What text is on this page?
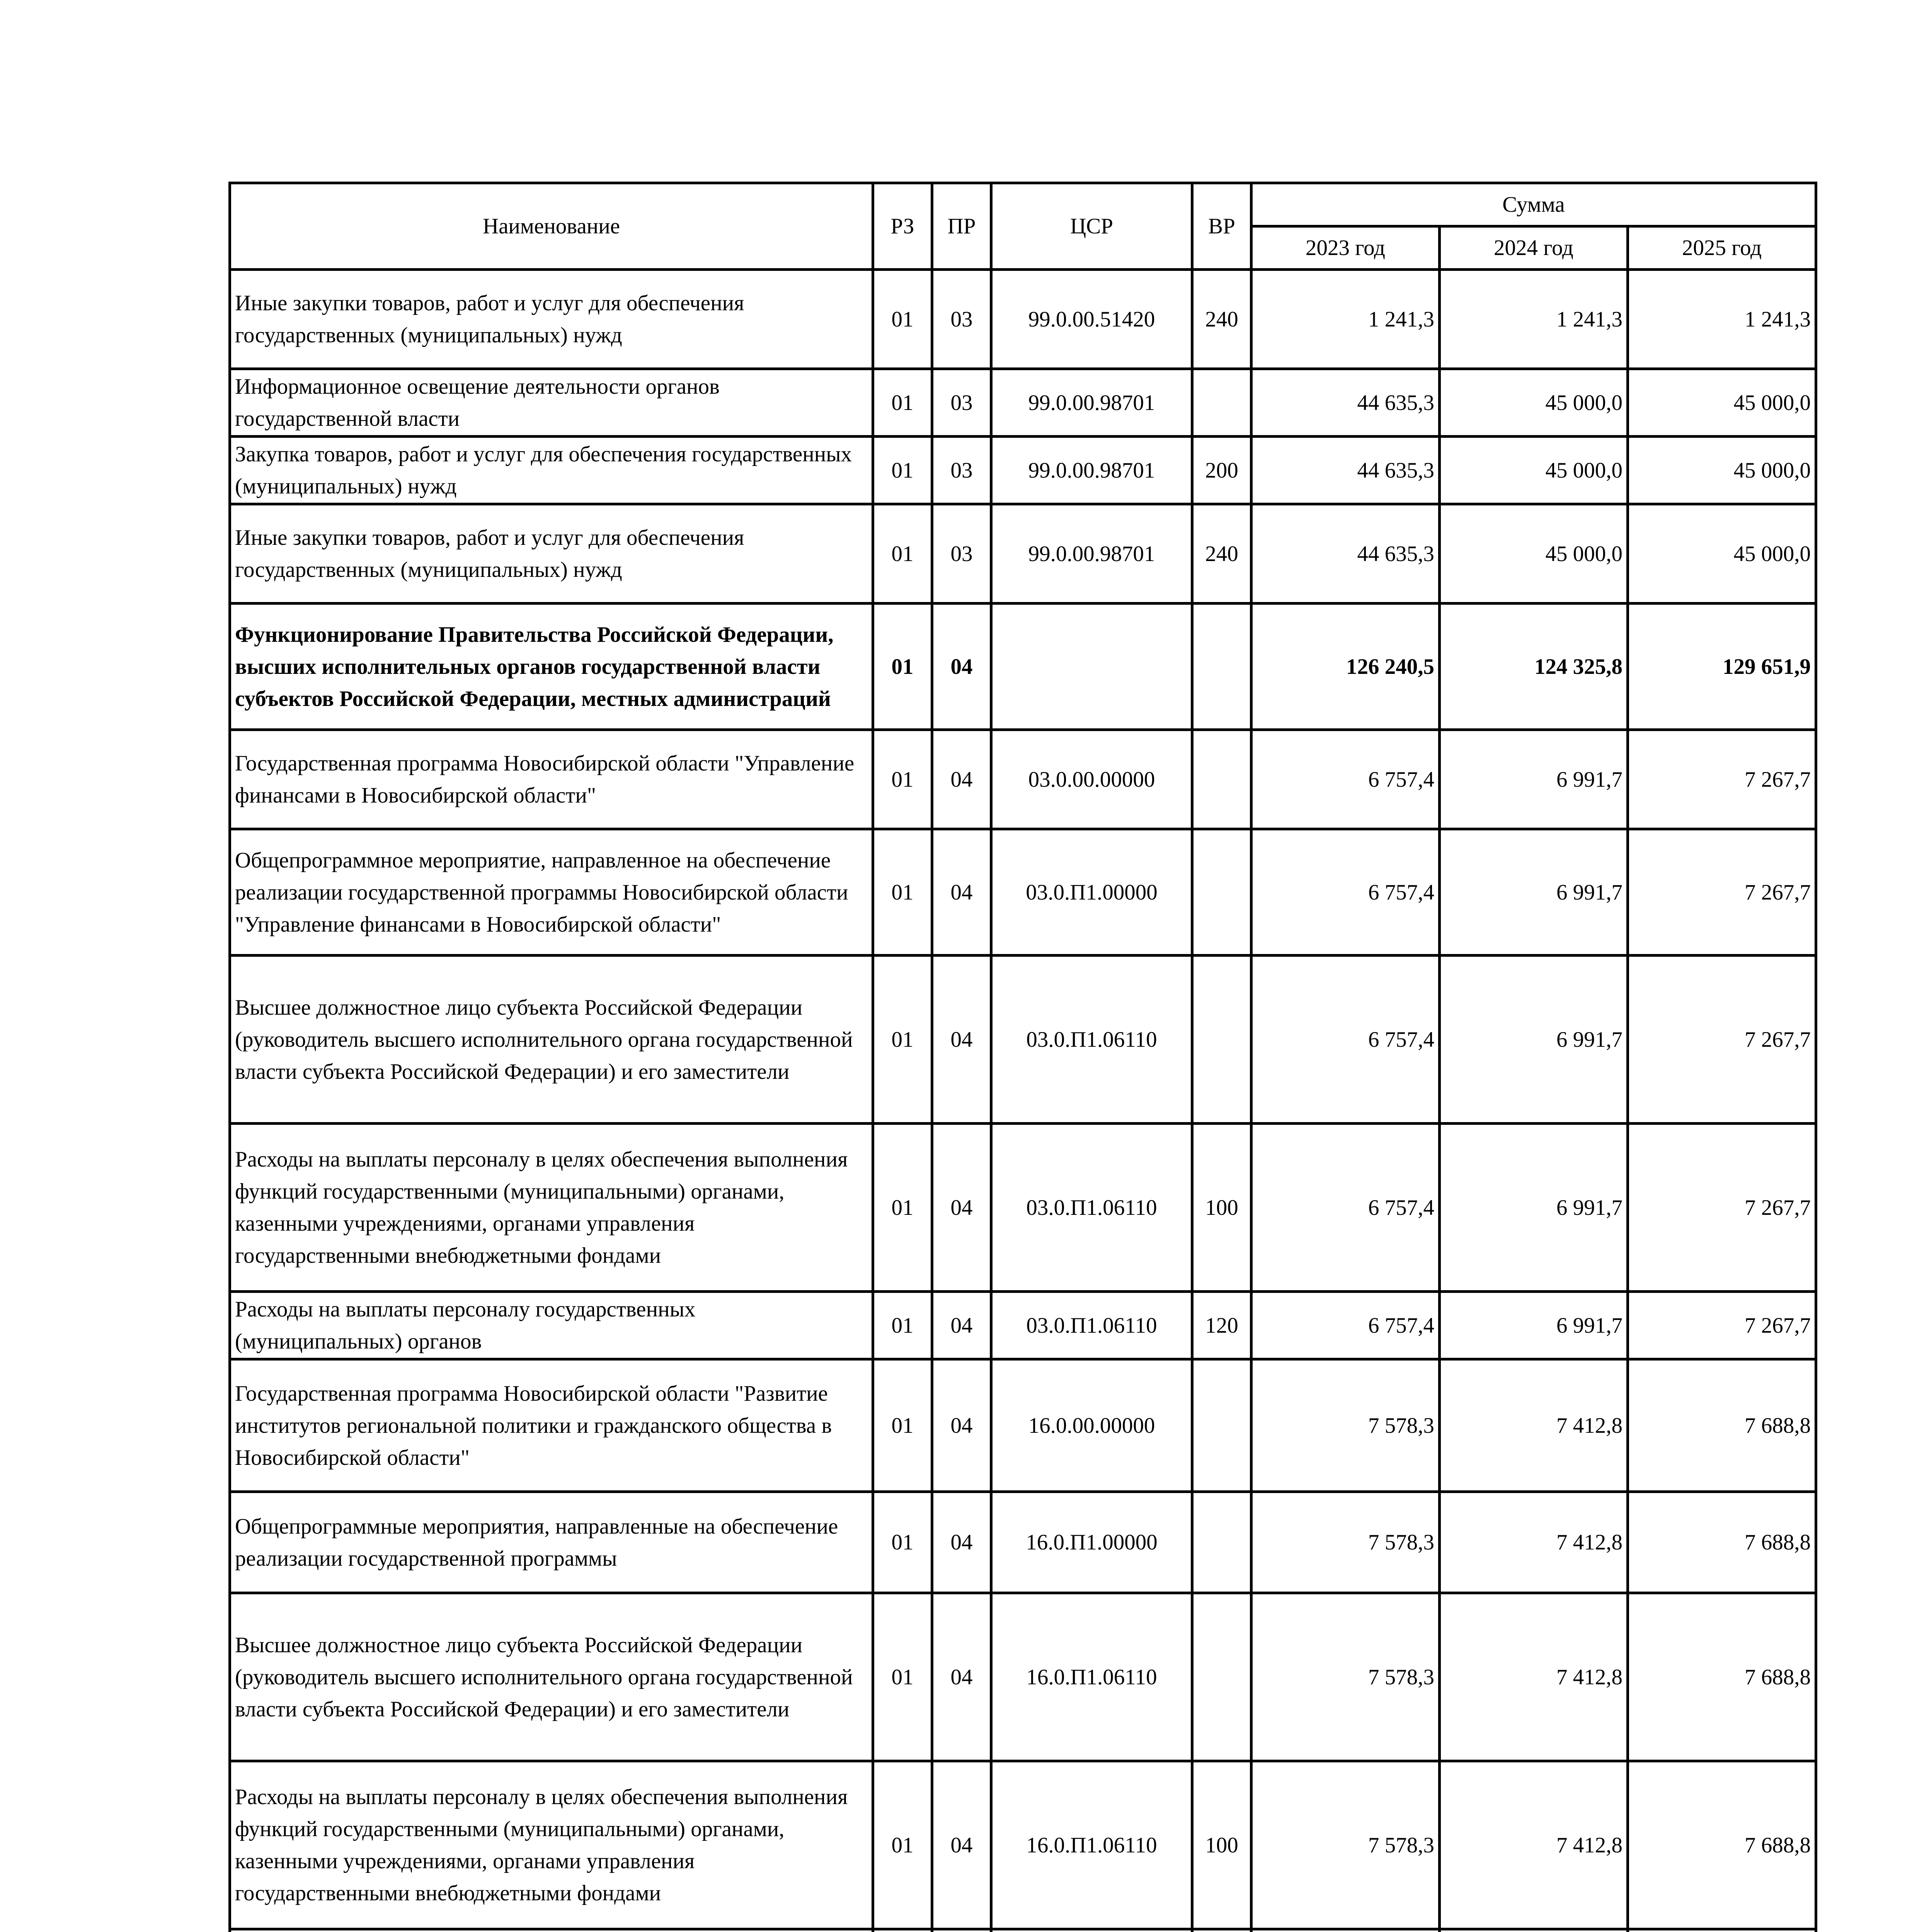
Наименование	РЗ	ПР	ЦСР	ВР	Сумма		
					2023 год	2024 год	2025 год
Иные закупки товаров, работ и услуг для обеспечения государственных (муниципальных) нужд	01	03	99.0.00.51420	240	1 241,3	1 241,3	1 241,3
Информационное освещение деятельности органов государственной власти	01	03	99.0.00.98701		44 635,3	45 000,0	45 000,0
Закупка товаров, работ и услуг для обеспечения государственных (муниципальных) нужд	01	03	99.0.00.98701	200	44 635,3	45 000,0	45 000,0
Иные закупки товаров, работ и услуг для обеспечения государственных (муниципальных) нужд	01	03	99.0.00.98701	240	44 635,3	45 000,0	45 000,0
Функционирование Правительства Российской Федерации, высших исполнительных органов государственной власти субъектов Российской Федерации, местных администраций	01	04			126 240,5	124 325,8	129 651,9
Государственная программа Новосибирской области "Управление финансами в Новосибирской области"	01	04	03.0.00.00000		6 757,4	6 991,7	7 267,7
Общепрограммное мероприятие, направленное на обеспечение реализации государственной программы Новосибирской области "Управление финансами в Новосибирской области"	01	04	03.0.П1.00000		6 757,4	6 991,7	7 267,7
Высшее должностное лицо субъекта Российской Федерации (руководитель высшего исполнительного органа государственной власти субъекта Российской Федерации) и его заместители	01	04	03.0.П1.06110		6 757,4	6 991,7	7 267,7
Расходы на выплаты персоналу в целях обеспечения выполнения функций государственными (муниципальными) органами, казенными учреждениями, органами управления государственными внебюджетными фондами	01	04	03.0.П1.06110	100	6 757,4	6 991,7	7 267,7
Расходы на выплаты персоналу государственных (муниципальных) органов	01	04	03.0.П1.06110	120	6 757,4	6 991,7	7 267,7
Государственная программа Новосибирской области "Развитие институтов региональной политики и гражданского общества в Новосибирской области"	01	04	16.0.00.00000		7 578,3	7 412,8	7 688,8
Общепрограммные мероприятия, направленные на обеспечение реализации государственной программы	01	04	16.0.П1.00000		7 578,3	7 412,8	7 688,8
Высшее должностное лицо субъекта Российской Федерации (руководитель высшего исполнительного органа государственной власти субъекта Российской Федерации) и его заместители	01	04	16.0.П1.06110		7 578,3	7 412,8	7 688,8
Расходы на выплаты персоналу в целях обеспечения выполнения функций государственными (муниципальными) органами, казенными учреждениями, органами управления государственными внебюджетными фондами	01	04	16.0.П1.06110	100	7 578,3	7 412,8	7 688,8
